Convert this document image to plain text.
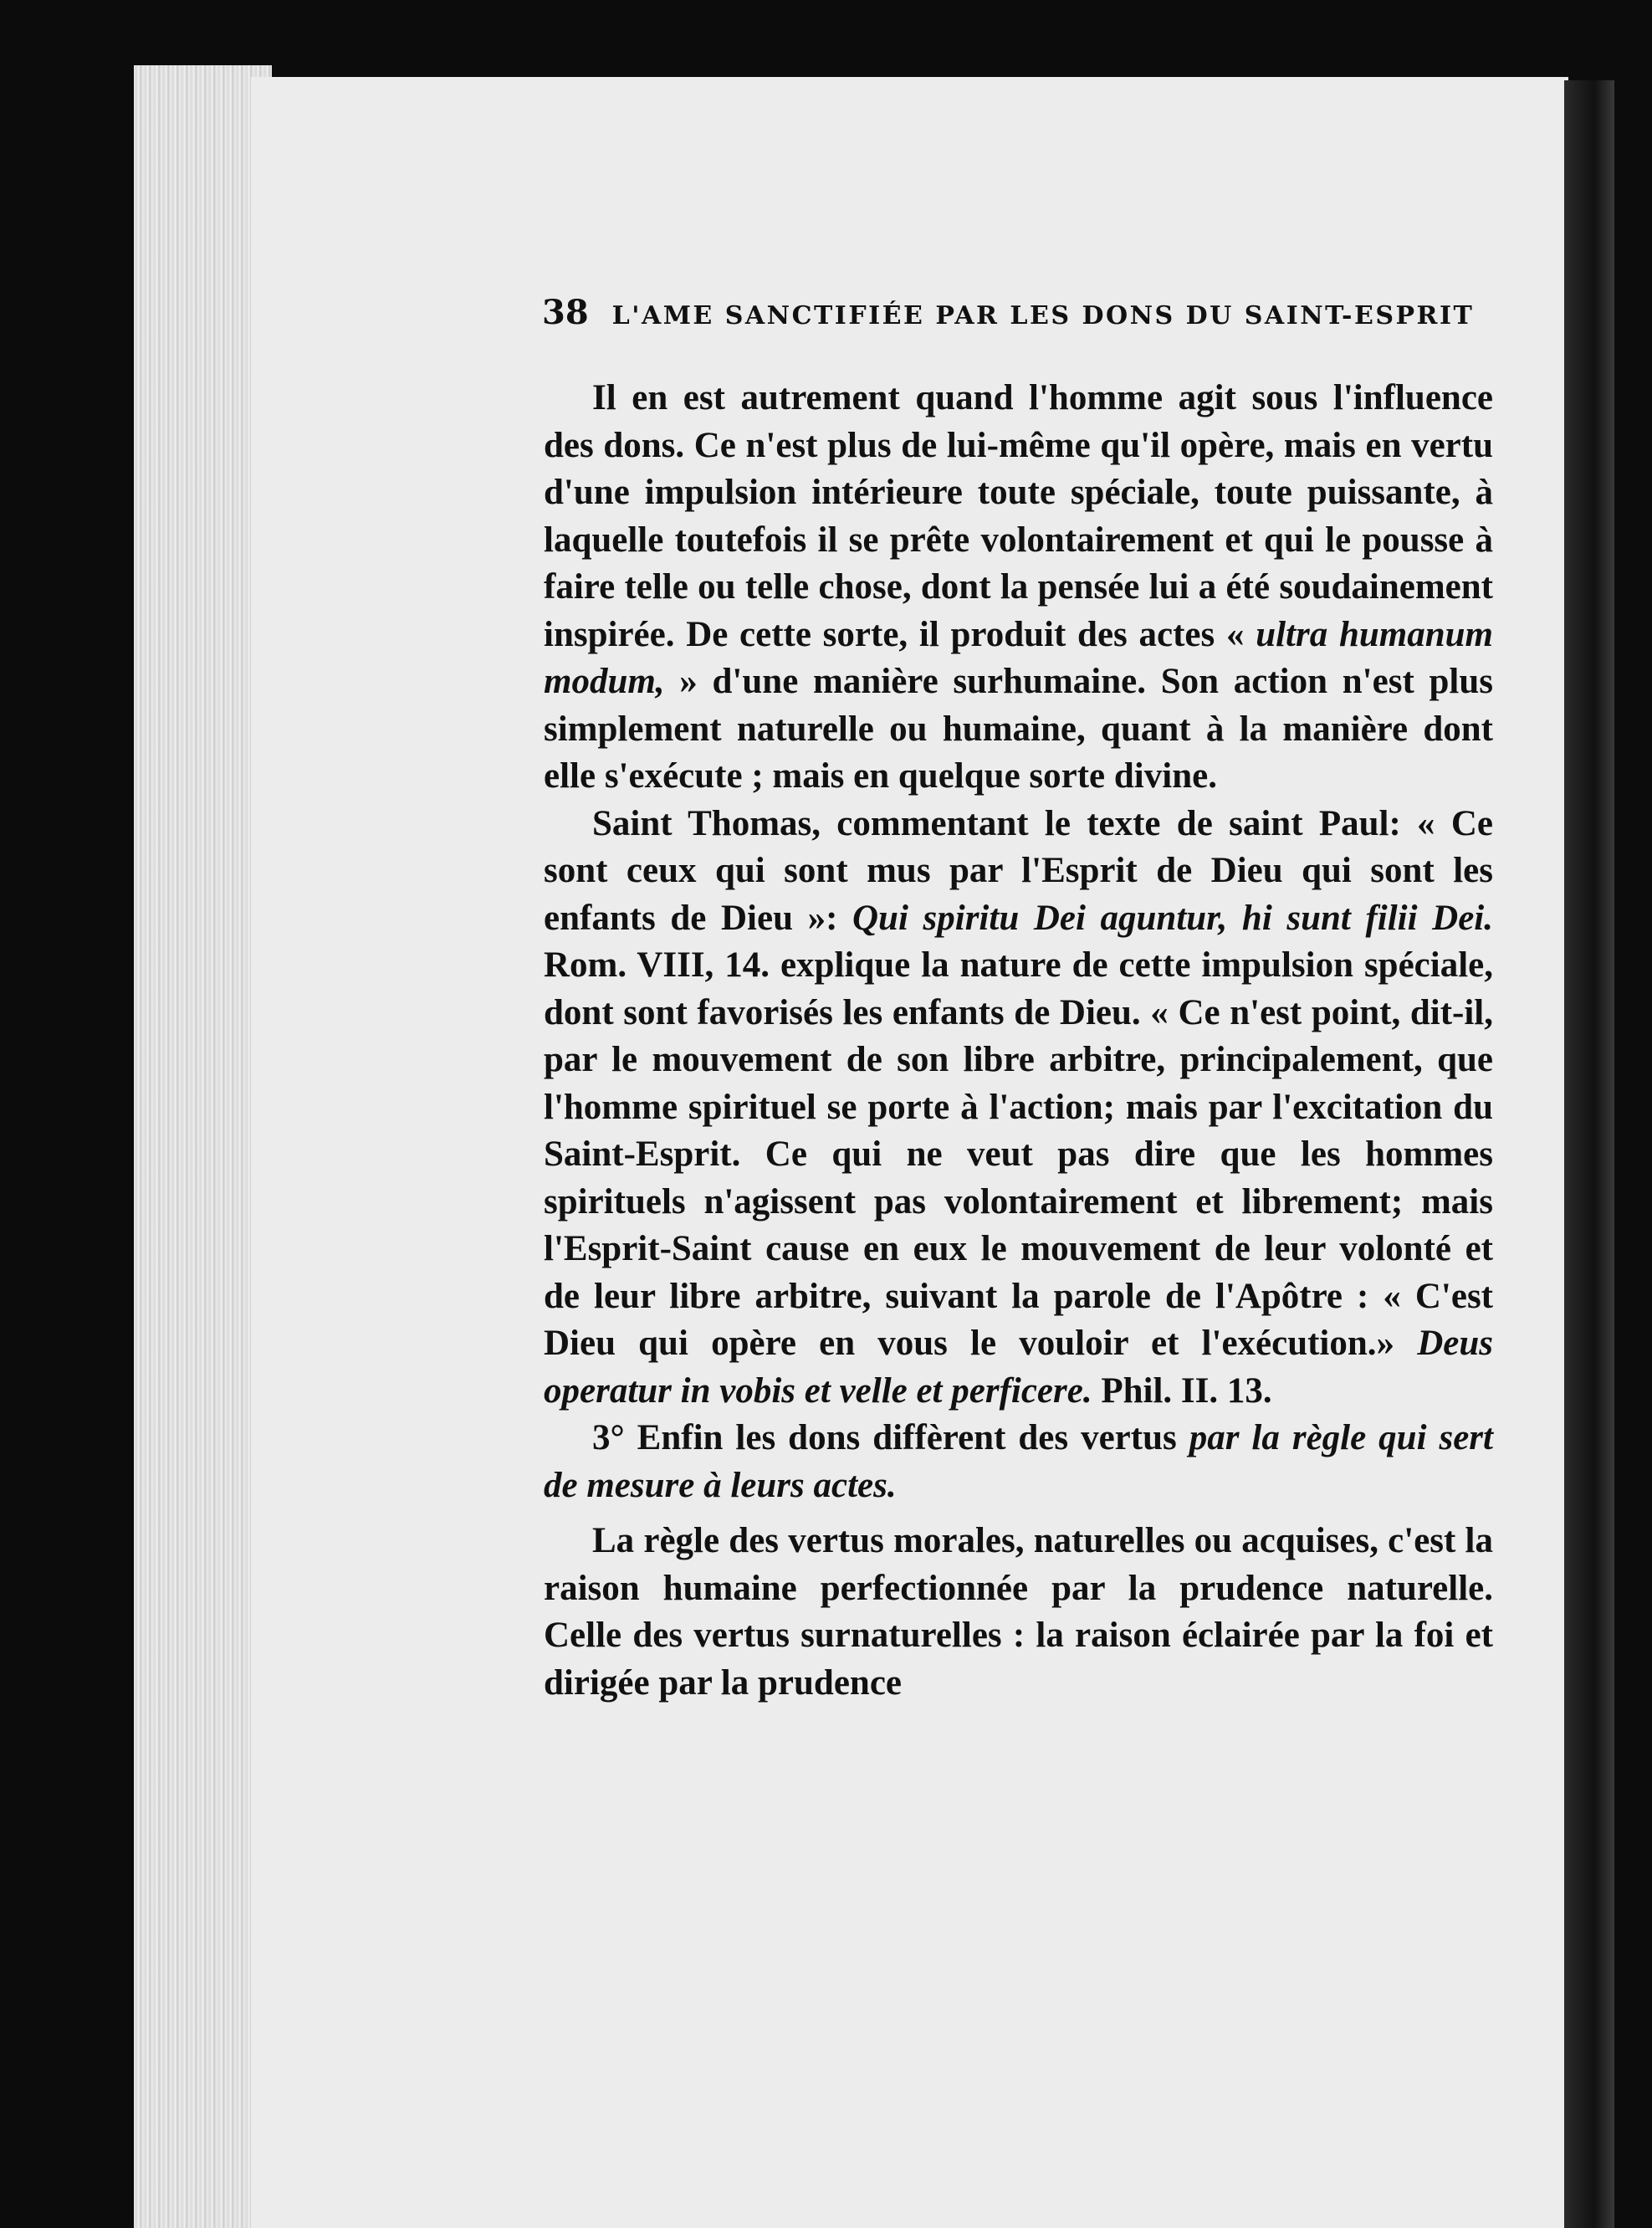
38 L'AME SANCTIFIÉE PAR LES DONS DU SAINT-ESPRIT

Il en est autrement quand l'homme agit sous l'influence des dons. Ce n'est plus de lui-même qu'il opère, mais en vertu d'une impulsion intérieure toute spéciale, toute puissante, à laquelle toutefois il se prête volontairement et qui le pousse à faire telle ou telle chose, dont la pensée lui a été soudainement inspirée. De cette sorte, il produit des actes « ultra humanum modum, » d'une manière surhumaine. Son action n'est plus simplement naturelle ou humaine, quant à la manière dont elle s'exécute ; mais en quelque sorte divine.

Saint Thomas, commentant le texte de saint Paul: « Ce sont ceux qui sont mus par l'Esprit de Dieu qui sont les enfants de Dieu »: Qui spiritu Dei aguntur, hi sunt filii Dei. Rom. VIII, 14. explique la nature de cette impulsion spéciale, dont sont favorisés les enfants de Dieu. « Ce n'est point, dit-il, par le mouvement de son libre arbitre, principalement, que l'homme spirituel se porte à l'action; mais par l'excitation du Saint-Esprit. Ce qui ne veut pas dire que les hommes spirituels n'agissent pas volontairement et librement; mais l'Esprit-Saint cause en eux le mouvement de leur volonté et de leur libre arbitre, suivant la parole de l'Apôtre : « C'est Dieu qui opère en vous le vouloir et l'exécution.» Deus operatur in vobis et velle et perficere. Phil. II. 13.

3° Enfin les dons diffèrent des vertus par la règle qui sert de mesure à leurs actes.

La règle des vertus morales, naturelles ou acquises, c'est la raison humaine perfectionnée par la prudence naturelle. Celle des vertus surnaturelles : la raison éclairée par la foi et dirigée par la prudence
